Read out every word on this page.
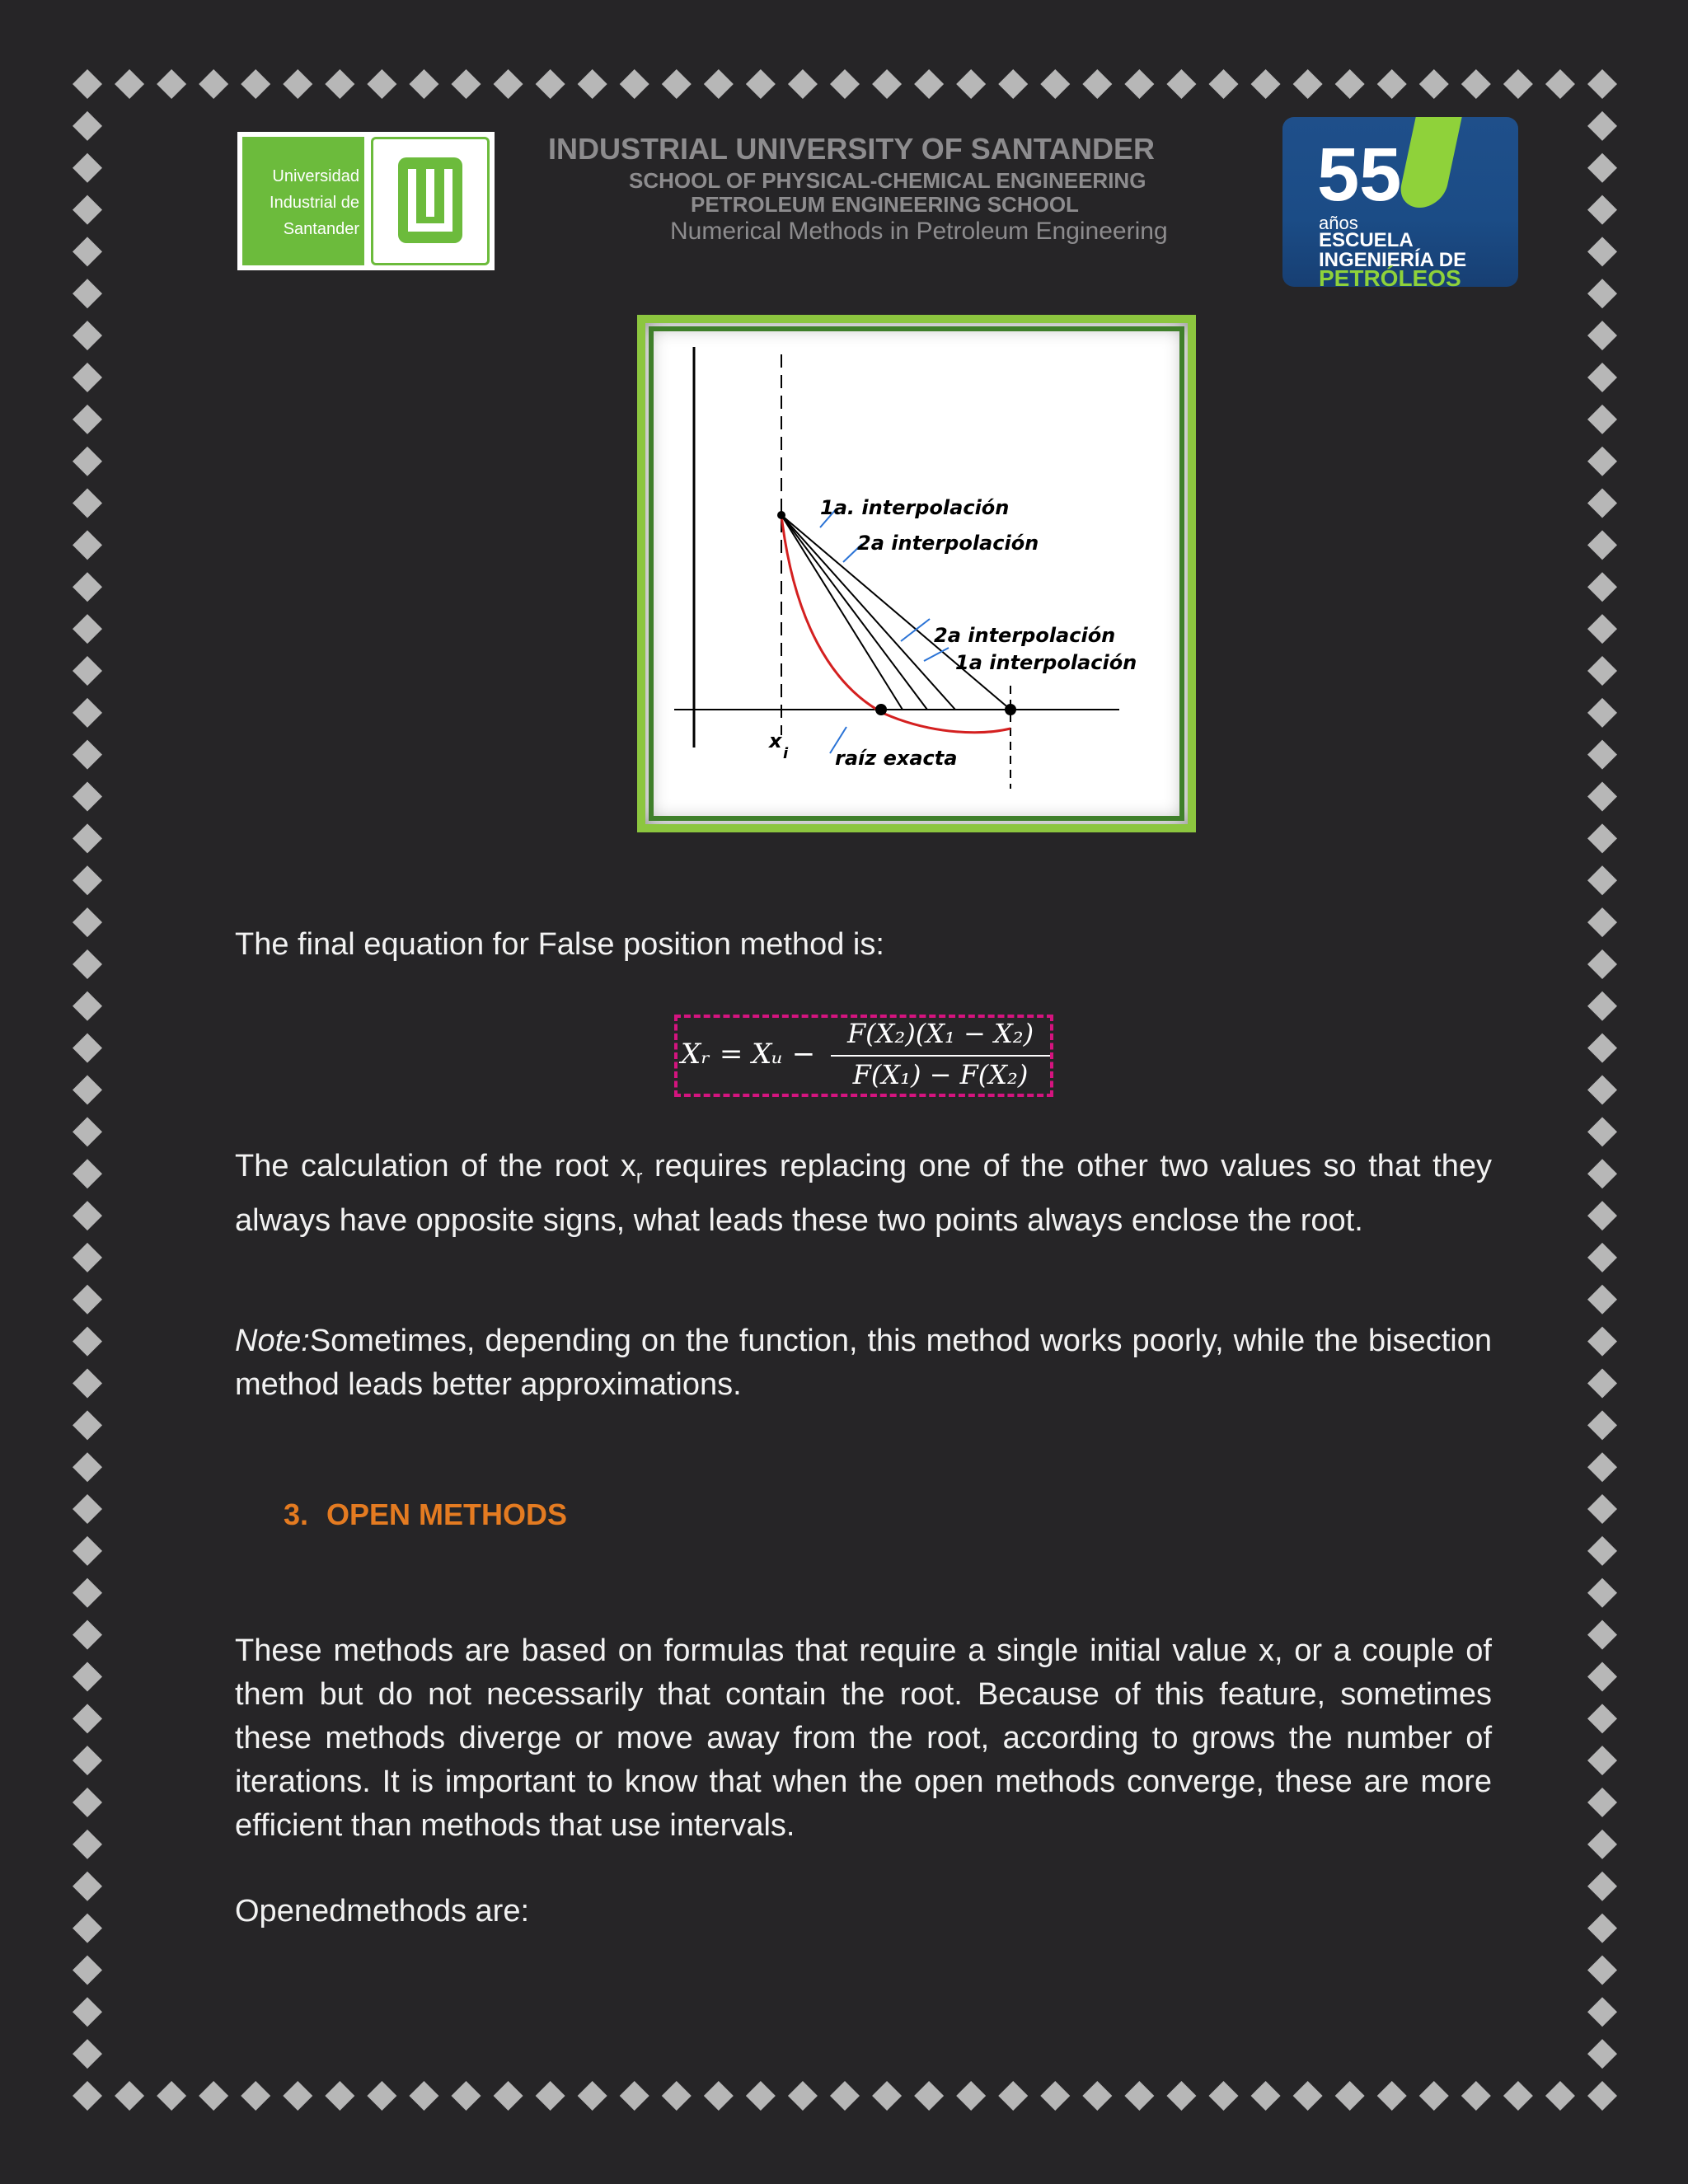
Universidad Industrial de Santander
INDUSTRIAL UNIVERSITY OF SANTANDER
SCHOOL OF PHYSICAL-CHEMICAL ENGINEERING
PETROLEUM ENGINEERING SCHOOL
Numerical Methods in Petroleum Engineering
55
años
ESCUELA
INGENIERÍA DE
PETRÓLEOS
1a. interpolación
2a interpolación
2a interpolación
1a interpolación
x
i raíz exacta
The final equation for False position method is:
Xᵣ = Xᵤ −
F(X₂)(X₁ − X₂)
F(X₁) − F(X₂)
The calculation of the root $x_r$ requires replacing one of the other two values so that they always have opposite signs, what leads these two points always enclose the root.
Note:Sometimes, depending on the function, this method works poorly, while the bisection method leads better approximations.
3. OPEN METHODS
These methods are based on formulas that require a single initial value x, or a couple of them but do not necessarily that contain the root. Because of this feature, sometimes these methods diverge or move away from the root, according to grows the number of iterations. It is important to know that when the open methods converge, these are more efficient than methods that use intervals.
Openedmethods are:
